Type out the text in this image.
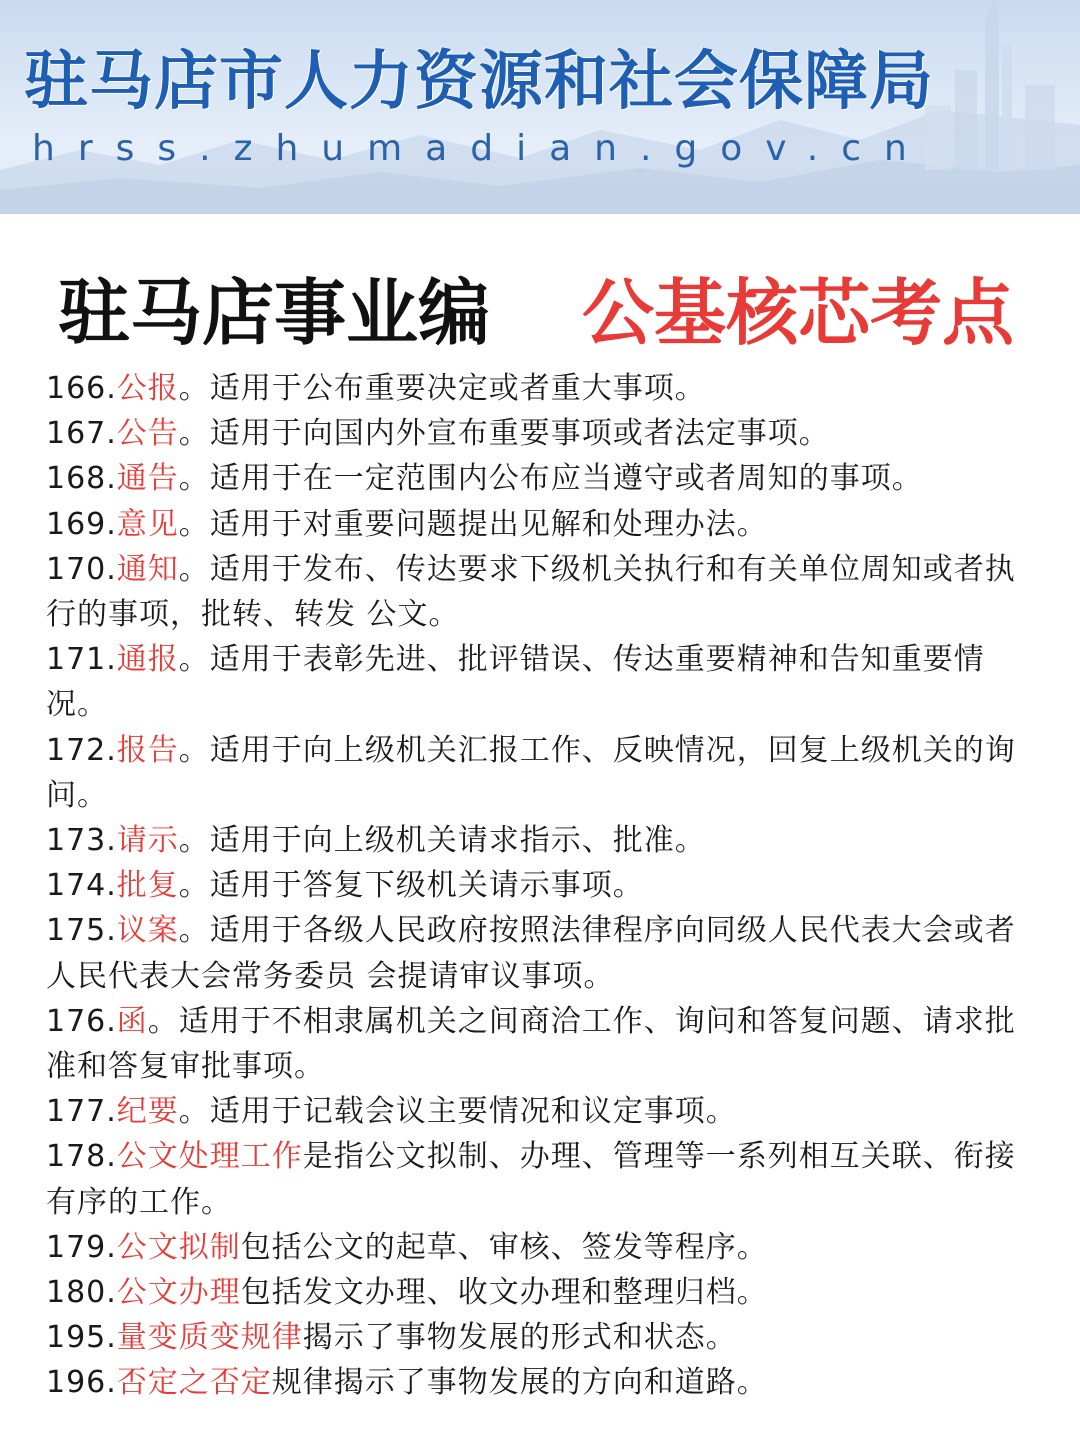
驻马店市人力资源和社会保障局
hrss.zhumadian.gov.cn
驻马店事业编 公基核芯考点
166.公报。适用于公布重要决定或者重大事项。
167.公告。适用于向国内外宣布重要事项或者法定事项。
168.通告。适用于在一定范围内公布应当遵守或者周知的事项。
169.意见。适用于对重要问题提出见解和处理办法。
170.通知。适用于发布、传达要求下级机关执行和有关单位周知或者执行的事项，批转、转发 公文。
171.通报。适用于表彰先进、批评错误、传达重要精神和告知重要情况。
172.报告。适用于向上级机关汇报工作、反映情况，回复上级机关的询问。
173.请示。适用于向上级机关请求指示、批准。
174.批复。适用于答复下级机关请示事项。
175.议案。适用于各级人民政府按照法律程序向同级人民代表大会或者人民代表大会常务委员 会提请审议事项。
176.函。适用于不相隶属机关之间商洽工作、询问和答复问题、请求批准和答复审批事项。
177.纪要。适用于记载会议主要情况和议定事项。
178.公文处理工作是指公文拟制、办理、管理等一系列相互关联、衔接有序的工作。
179.公文拟制包括公文的起草、审核、签发等程序。
180.公文办理包括发文办理、收文办理和整理归档。
195.量变质变规律揭示了事物发展的形式和状态。
196.否定之否定规律揭示了事物发展的方向和道路。
